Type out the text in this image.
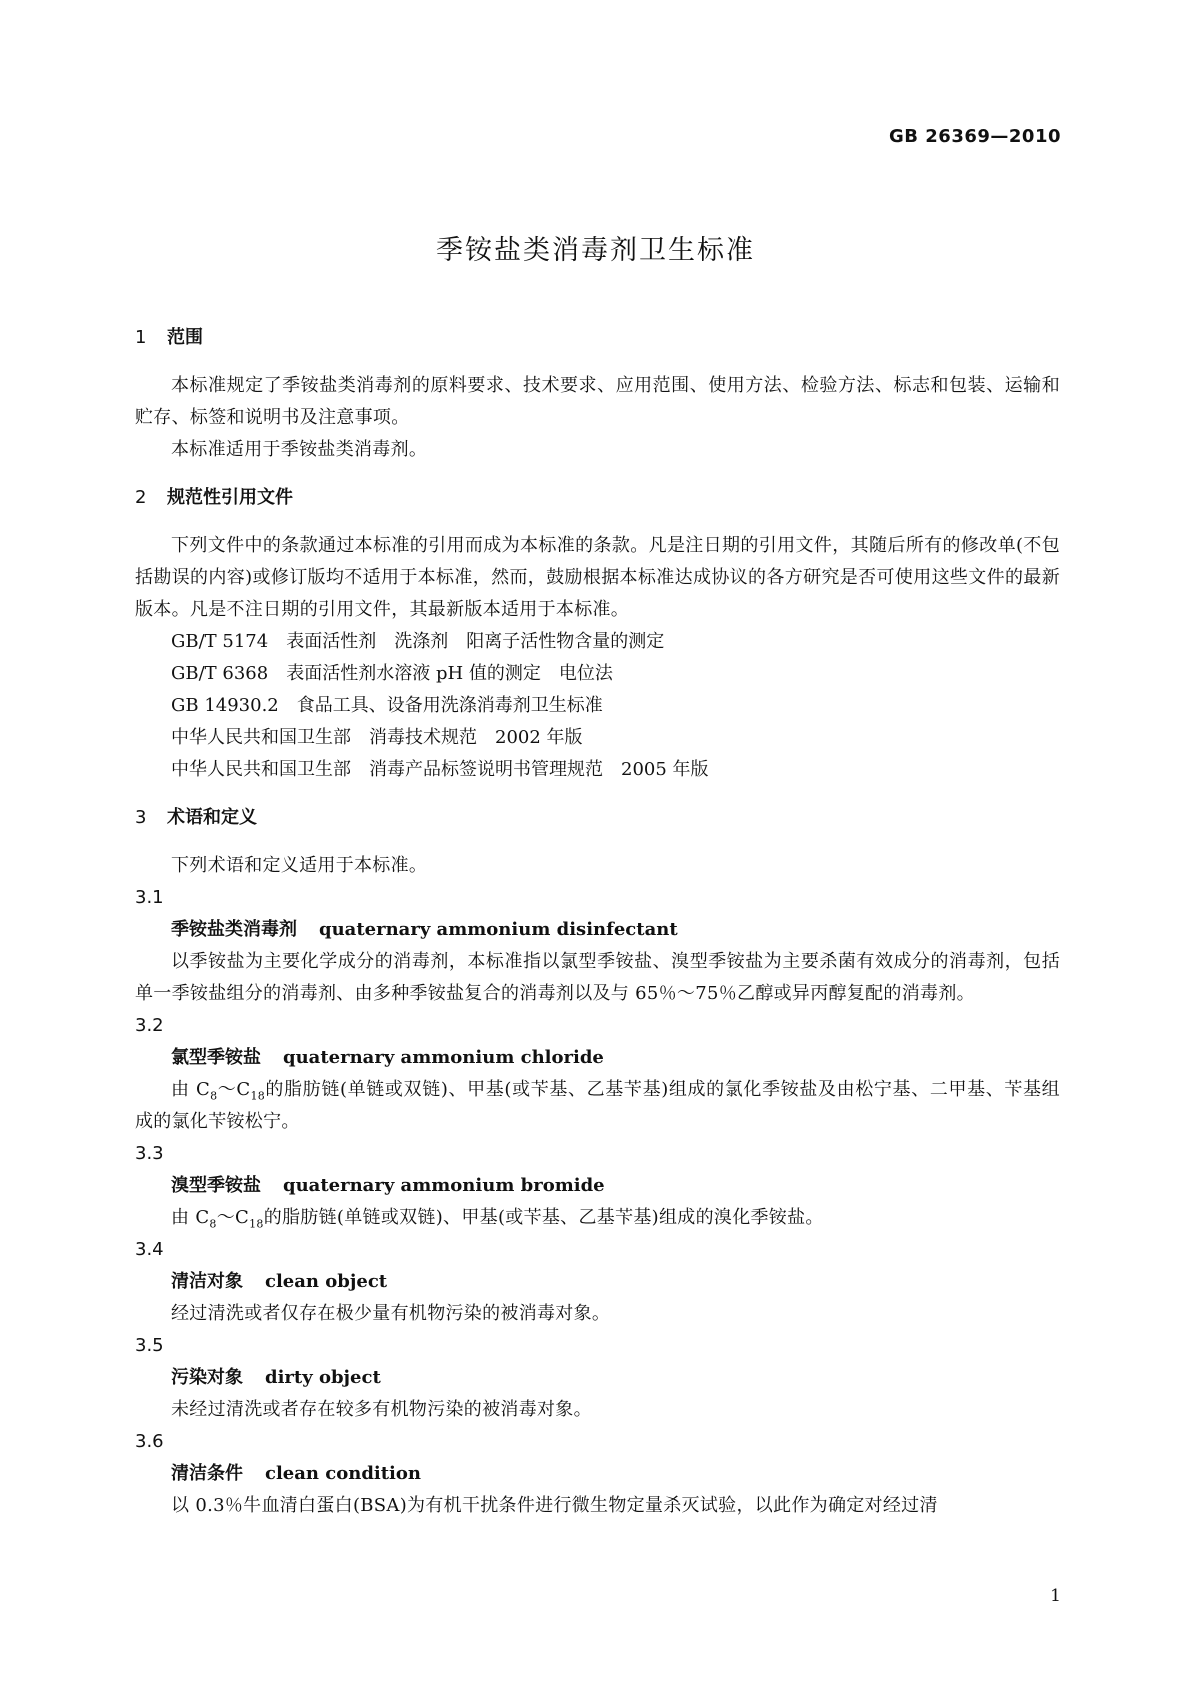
GB 26369—2010
季铵盐类消毒剂卫生标准
1 范围

本标准规定了季铵盐类消毒剂的原料要求、技术要求、应用范围、使用方法、检验方法、标志和包装、运输和贮存、标签和说明书及注意事项。

本标准适用于季铵盐类消毒剂。

2 规范性引用文件

下列文件中的条款通过本标准的引用而成为本标准的条款。凡是注日期的引用文件，其随后所有的修改单(不包括勘误的内容)或修订版均不适用于本标准，然而，鼓励根据本标准达成协议的各方研究是否可使用这些文件的最新版本。凡是不注日期的引用文件，其最新版本适用于本标准。

GB/T 5174 表面活性剂　洗涤剂　阳离子活性物含量的测定

GB/T 6368 表面活性剂水溶液 pH 值的测定　电位法

GB 14930.2 食品工具、设备用洗涤消毒剂卫生标准

中华人民共和国卫生部 消毒技术规范　2002 年版

中华人民共和国卫生部 消毒产品标签说明书管理规范　2005 年版

3 术语和定义

下列术语和定义适用于本标准。

3.1

季铵盐类消毒剂 quaternary ammonium disinfectant

以季铵盐为主要化学成分的消毒剂，本标准指以氯型季铵盐、溴型季铵盐为主要杀菌有效成分的消毒剂，包括单一季铵盐组分的消毒剂、由多种季铵盐复合的消毒剂以及与 65％～75％乙醇或异丙醇复配的消毒剂。

3.2

氯型季铵盐 quaternary ammonium chloride

由 $C_8\sim C_{18}$的脂肪链(单链或双链)、甲基(或苄基、乙基苄基)组成的氯化季铵盐及由松宁基、二甲基、苄基组成的氯化苄铵松宁。

3.3

溴型季铵盐 quaternary ammonium bromide

由 $C_8\sim C_{18}$的脂肪链(单链或双链)、甲基(或苄基、乙基苄基)组成的溴化季铵盐。

3.4

清洁对象 clean object

经过清洗或者仅存在极少量有机物污染的被消毒对象。

3.5

污染对象 dirty object

未经过清洗或者存在较多有机物污染的被消毒对象。

3.6

清洁条件 clean condition

以 0.3％牛血清白蛋白(BSA)为有机干扰条件进行微生物定量杀灭试验，以此作为确定对经过清

1
